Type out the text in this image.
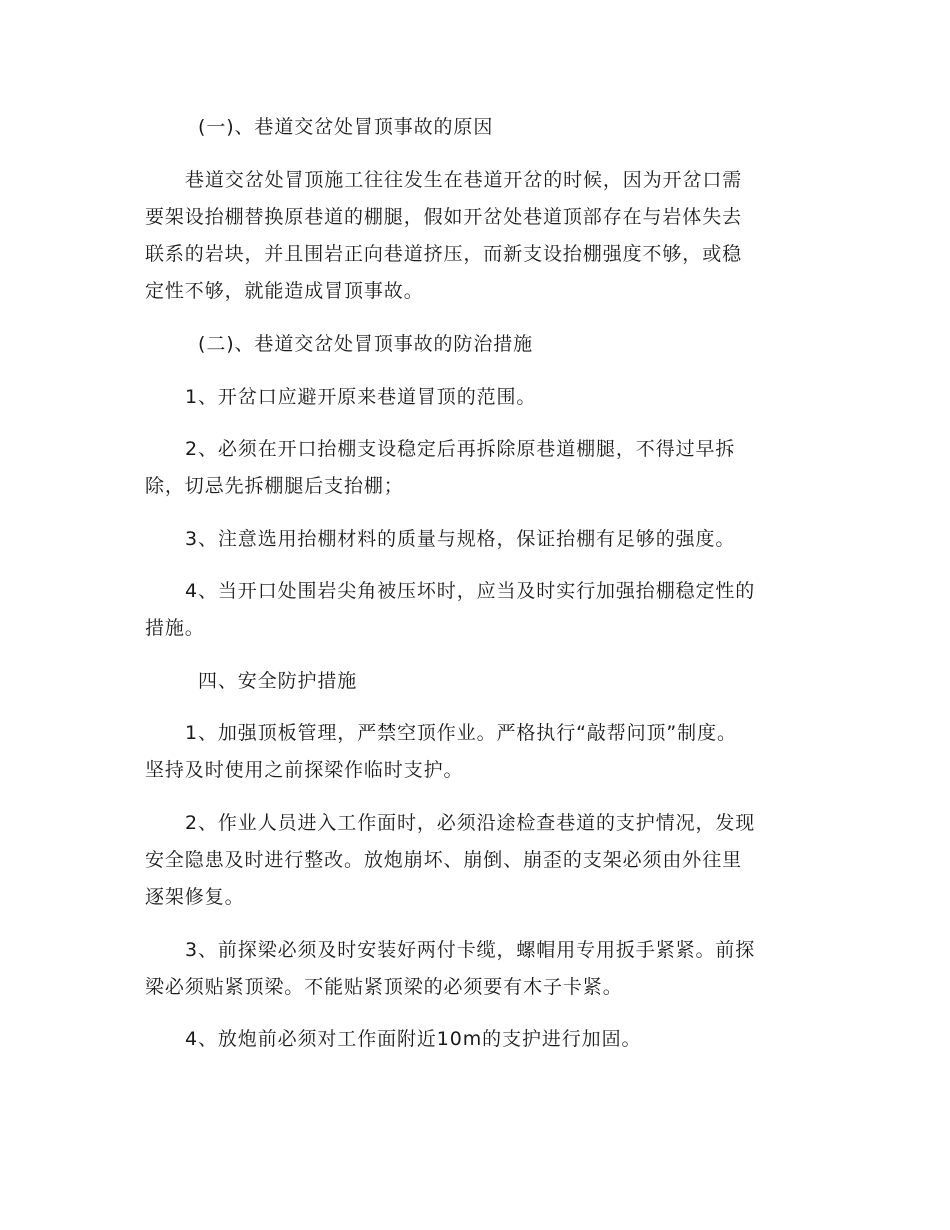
(一)、巷道交岔处冒顶事故的原因

巷道交岔处冒顶施工往往发生在巷道开岔的时候，因为开岔口需

要架设抬棚替换原巷道的棚腿，假如开岔处巷道顶部存在与岩体失去

联系的岩块，并且围岩正向巷道挤压，而新支设抬棚强度不够，或稳

定性不够，就能造成冒顶事故。

(二)、巷道交岔处冒顶事故的防治措施

1、开岔口应避开原来巷道冒顶的范围。

2、必须在开口抬棚支设稳定后再拆除原巷道棚腿，不得过早拆

除，切忌先拆棚腿后支抬棚；

3、注意选用抬棚材料的质量与规格，保证抬棚有足够的强度。

4、当开口处围岩尖角被压坏时，应当及时实行加强抬棚稳定性的

措施。

四、安全防护措施

1、加强顶板管理，严禁空顶作业。严格执行“敲帮问顶”制度。

坚持及时使用之前探梁作临时支护。

2、作业人员进入工作面时，必须沿途检查巷道的支护情况，发现

安全隐患及时进行整改。放炮崩坏、崩倒、崩歪的支架必须由外往里

逐架修复。

3、前探梁必须及时安装好两付卡缆，螺帽用专用扳手紧紧。前探

梁必须贴紧顶梁。不能贴紧顶梁的必须要有木子卡紧。

4、放炮前必须对工作面附近10m的支护进行加固。
